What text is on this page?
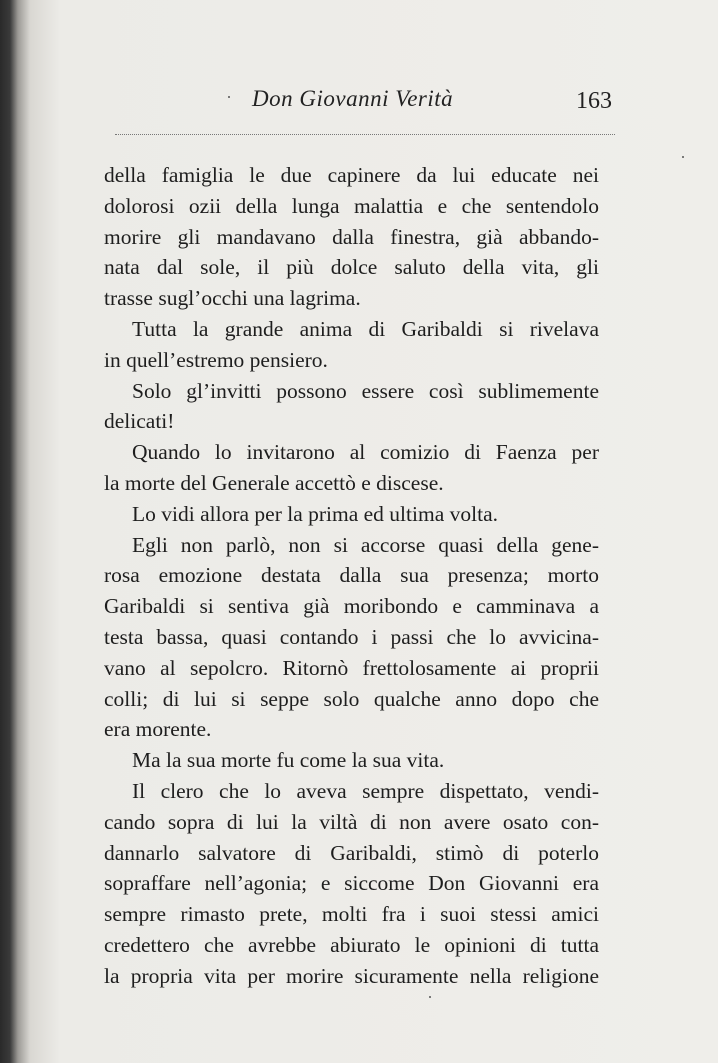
Don Giovanni Verità	163
della famiglia le due capinere da lui educate nei
dolorosi ozii della lunga malattia e che sentendolo
morire gli mandavano dalla finestra, già abbando-
nata dal sole, il più dolce saluto della vita, gli
trasse sugl’occhi una lagrima.
Tutta la grande anima di Garibaldi si rivelava
in quell’estremo pensiero.
Solo gl’invitti possono essere così sublimemente
delicati!
Quando lo invitarono al comizio di Faenza per
la morte del Generale accettò e discese.
Lo vidi allora per la prima ed ultima volta.
Egli non parlò, non si accorse quasi della gene-
rosa emozione destata dalla sua presenza; morto
Garibaldi si sentiva già moribondo e camminava a
testa bassa, quasi contando i passi che lo avvicina-
vano al sepolcro. Ritornò frettolosamente ai proprii
colli; di lui si seppe solo qualche anno dopo che
era morente.
Ma la sua morte fu come la sua vita.
Il clero che lo aveva sempre dispettato, vendi-
cando sopra di lui la viltà di non avere osato con-
dannarlo salvatore di Garibaldi, stimò di poterlo
sopraffare nell’agonia; e siccome Don Giovanni era
sempre rimasto prete, molti fra i suoi stessi amici
credettero che avrebbe abiurato le opinioni di tutta
la propria vita per morire sicuramente nella religione
